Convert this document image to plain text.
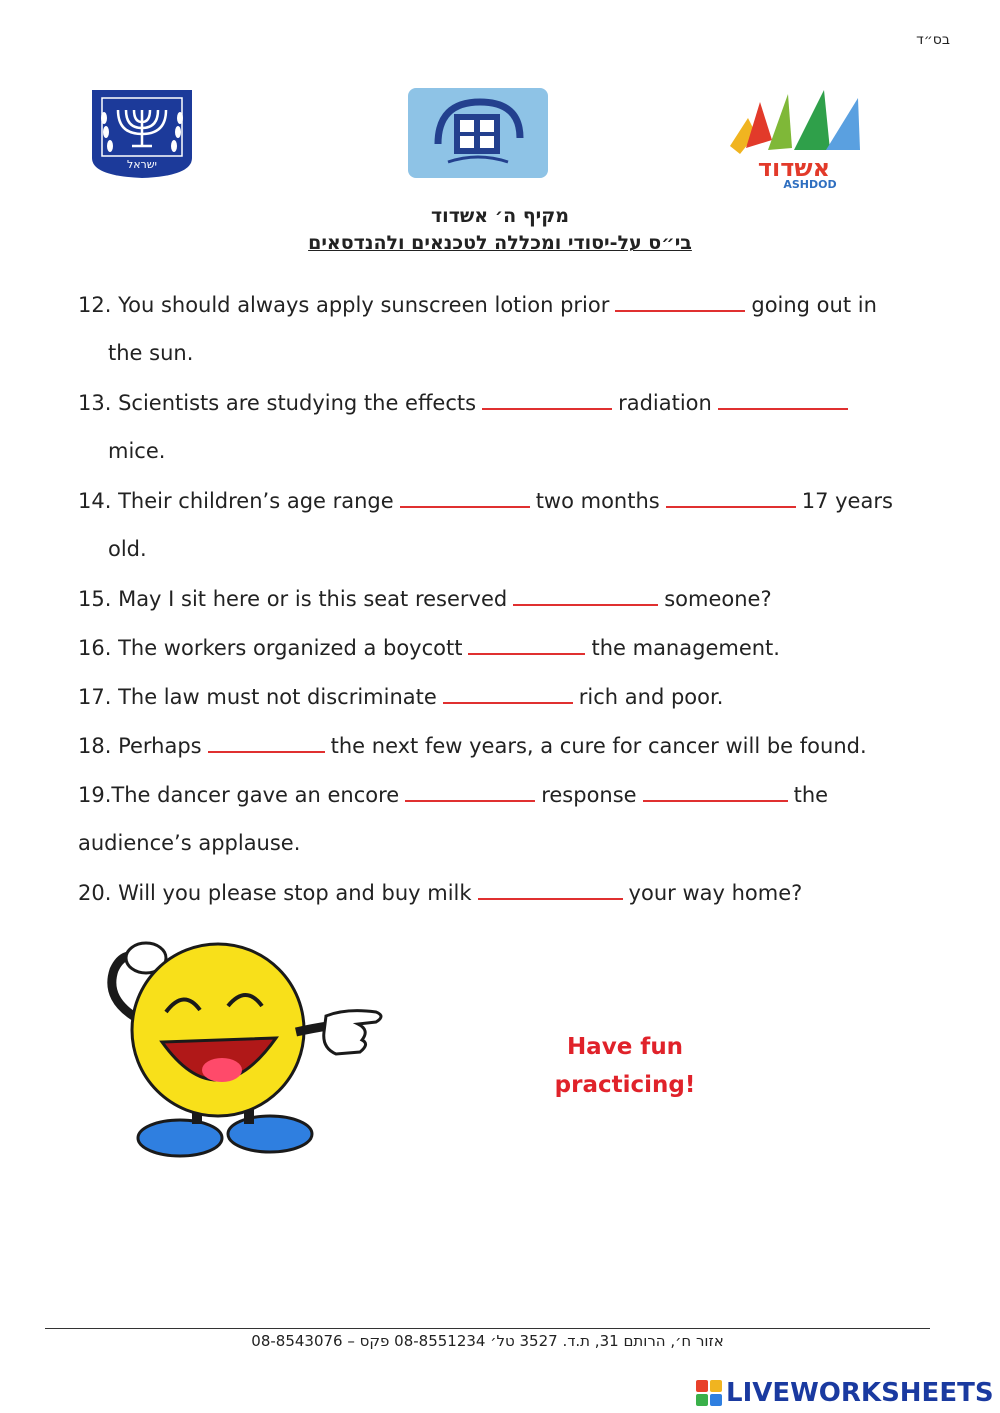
בס״ד
ישראל	אשדוד
ASHDOD
מקיף ה׳ אשדוד
בי״ס על-יסודי ומכללה לטכנאים ולהנדסאים
12. You should always apply sunscreen lotion prior	going out in
the sun.
13. Scientists are studying the effects	radiation
mice.
14. Their children’s age range	two months	17 years
old.
15. May I sit here or is this seat reserved	someone?
16. The workers organized a boycott	the management.
17. The law must not discriminate	rich and poor.
18. Perhaps	the next few years, a cure for cancer will be found.
19.The dancer gave an encore	response	the
audience’s applause.
20. Will you please stop and buy milk	your way home?
Have fun
practicing!
אזור ח׳, הרותם 31, ת.ד. 3527 טל׳ 08-8551234 פקס – 08-8543076
LIVEWORKSHEETS
